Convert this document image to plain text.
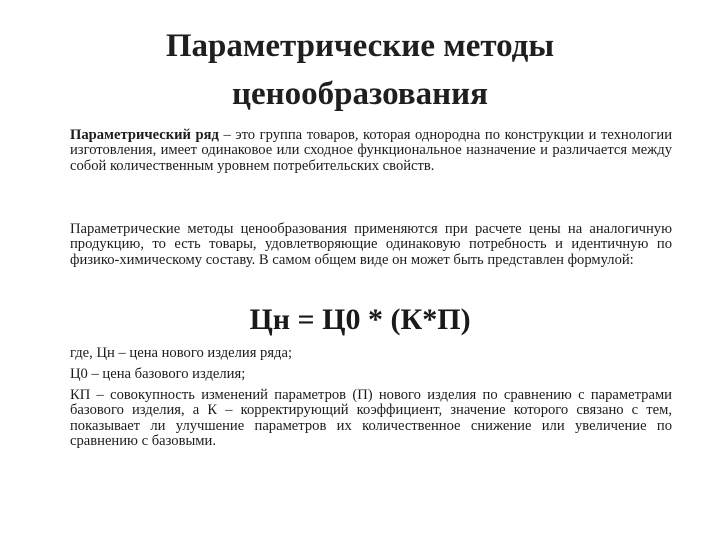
Параметрические методы
ценообразования
Параметрический ряд – это группа товаров, которая однородна по конструкции и технологии изготовления, имеет одинаковое или сходное функциональное назначение и различается между собой количественным уровнем потребительских свойств.
Параметрические методы ценообразования применяются при расчете цены на аналогичную продукцию, то есть товары, удовлетворяющие одинаковую потребность и идентичную по физико-химическому составу. В самом общем виде он может быть представлен формулой:
Цн = Ц0 * (К*П)
где, Цн – цена нового изделия ряда;
Ц0 – цена базового изделия;
КП – совокупность изменений параметров (П) нового изделия по сравнению с параметрами базового изделия, а К – корректирующий коэффициент, значение которого связано с тем, показывает ли улучшение параметров их количественное снижение или увеличение по сравнению с базовыми.
